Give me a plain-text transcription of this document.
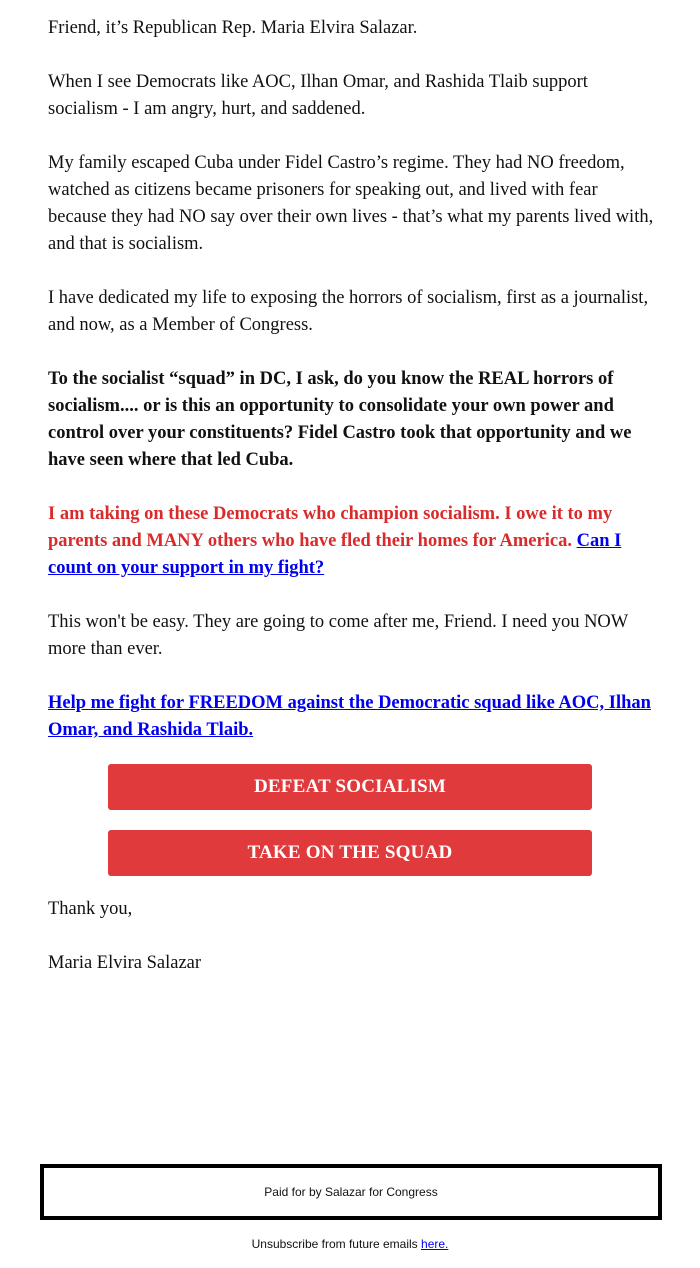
Friend, it’s Republican Rep. Maria Elvira Salazar.

When I see Democrats like AOC, Ilhan Omar, and Rashida Tlaib support socialism - I am angry, hurt, and saddened.

My family escaped Cuba under Fidel Castro’s regime. They had NO freedom, watched as citizens became prisoners for speaking out, and lived with fear because they had NO say over their own lives - that’s what my parents lived with, and that is socialism.

I have dedicated my life to exposing the horrors of socialism, first as a journalist, and now, as a Member of Congress.

To the socialist “squad” in DC, I ask, do you know the REAL horrors of socialism.... or is this an opportunity to consolidate your own power and control over your constituents? Fidel Castro took that opportunity and we have seen where that led Cuba.

I am taking on these Democrats who champion socialism. I owe it to my parents and MANY others who have fled their homes for America. Can I count on your support in my fight?

This won't be easy. They are going to come after me, Friend. I need you NOW more than ever.

Help me fight for FREEDOM against the Democratic squad like AOC, Ilhan Omar, and Rashida Tlaib.

DEFEAT SOCIALISM
TAKE ON THE SQUAD
Thank you,
Maria Elvira Salazar
Paid for by Salazar for Congress
Unsubscribe from future emails here.
